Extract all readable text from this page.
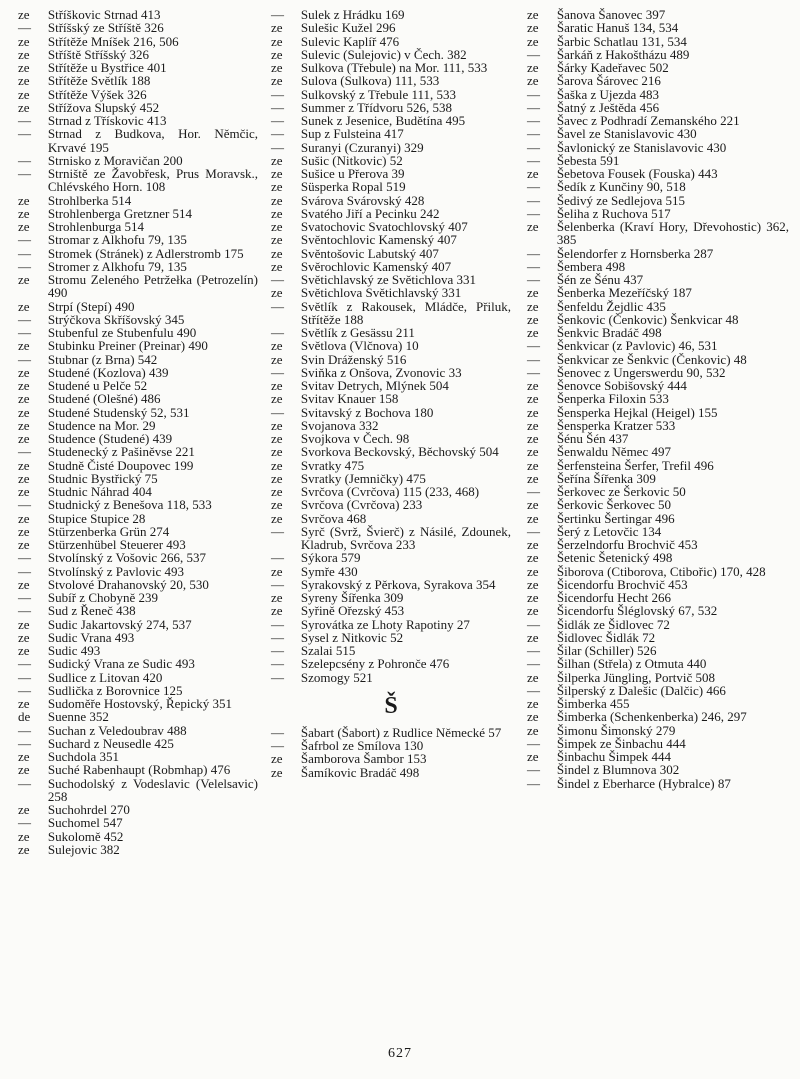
ze Stříškovic Strnad 413
— Stříšský ze Stříště 326
ze Střítěže Mníšek 216, 506
ze Stříště Stříšský 326
ze Střítěže u Bystřice 401
ze Střítěže Světlík 188
ze Střítěže Výšek 326
ze Střížova Slupský 452
— Strnad z Třískovic 413
— Strnad z Budkova, Hor. Němčic, Krvavé 195
— Strnisko z Moravičan 200
— Strniště ze Žavobřesk, Prus Moravsk., Chlévského Horn. 108
ze Strohlberka 514
ze Strohlenberga Gretzner 514
ze Strohlenburga 514
— Stromar z Alkhofu 79, 135
— Stromek (Stránek) z Adlerstromb 175
— Stromer z Alkhofu 79, 135
ze Stromu Zeleného Petržełka (Petrozelín) 490
ze Strpí (Stepí) 490
— Strýčkova Skříšovský 345
— Stubenful ze Stubenfulu 490
ze Stubinku Preiner (Preinar) 490
— Stubnar (z Brna) 542
ze Studené (Kozlova) 439
ze Studené u Pelče 52
ze Studené (Olešné) 486
ze Studené Studenský 52, 531
ze Studence na Mor. 29
ze Studence (Studené) 439
— Studenecký z Pašiněvse 221
ze Studně Čisté Doupovec 199
ze Studnic Bystřický 75
ze Studnic Náhrad 404
— Studnický z Benešova 118, 533
ze Stupice Stupice 28
ze Stürzenberka Grün 274
ze Stürzenhübel Steuerer 493
— Stvolínský z Vošovic 266, 537
— Stvolínský z Pavlovic 493
ze Stvolové Drahanovský 20, 530
— Subíř z Chobyně 239
— Sud z Řeneč 438
ze Sudic Jakartovský 274, 537
ze Sudic Vrana 493
ze Sudic 493
— Sudický Vrana ze Sudic 493
— Sudlice z Litovan 420
— Sudlička z Borovnice 125
ze Sudoměře Hostovský, Řepický 351
de Suenne 352
— Suchan z Veledoubrav 488
— Suchard z Neusedle 425
ze Suchdola 351
ze Suché Rabenhaupt (Robmhap) 476
— Suchodolský z Vodeslavic (Velelsavic) 258
ze Suchohrdel 270
— Suchomel 547
ze Sukolomě 452
ze Sulejovic 382
— Sulek z Hrádku 169
ze Sulešic Kužel 296
ze Sulevic Kaplíř 476
ze Sulevic (Sulejovic) v Čech. 382
ze Sulkova (Třebule) na Mor. 111, 533
ze Sulova (Sulkova) 111, 533
— Sulkovský z Třebule 111, 533
— Summer z Třídvoru 526, 538
— Sunek z Jesenice, Budětína 495
— Sup z Fulsteina 417
— Suranyi (Czuranyi) 329
ze Sušic (Nitkovic) 52
ze Sušice u Přerova 39
ze Süsperka Ropal 519
ze Svárova Svárovský 428
ze Svatého Jiří a Pecinku 242
ze Svatochovic Svatochlovský 407
ze Svěntochlovic Kamenský 407
ze Svěntošovic Labutský 407
ze Svěrochlovic Kamenský 407
— Světichlavský ze Světichlova 331
ze Světichlova Světichlavský 331
— Světlík z Rakousek, Mládče, Přiluk, Střítěže 188
— Světlík z Gesässu 211
ze Světlova (Vlčnova) 10
ze Svin Dráženský 516
— Sviňka z Onšova, Zvonovic 33
ze Svitav Detrych, Mlýnek 504
ze Svitav Knauer 158
— Svitavský z Bochova 180
ze Svojanova 332
ze Svojkova v Čech. 98
ze Svorkova Beckovský, Běchovský 504
ze Svratky 475
ze Svratky (Jemničky) 475
ze Svrčova (Cvrčova) 115 (233, 468)
ze Svrčova (Cvrčova) 233
ze Svrčova 468
— Syrč (Svrž, Švierč) z Násilé, Zdounek, Kladrub, Svrčova 233
— Sýkora 579
ze Symře 430
— Syrakovský z Pěrkova, Syrakova 354
ze Syreny Šířenka 309
ze Syřině Ořezský 453
— Syrovátka ze Lhoty Rapotiny 27
— Sysel z Nitkovic 52
— Szalai 515
— Szelepcsény z Pohronče 476
— Szomogy 521
Š
— Šabart (Šabort) z Rudlice Německé 57
— Šafrbol ze Smílova 130
ze Šamborova Šambor 153
ze Šamíkovic Bradáč 498
ze Šanova Šanovec 397
ze Šaratic Hanuš 134, 534
ze Šarbic Schatlau 131, 534
— Šarkáň z Hakoštházu 489
ze Šárky Kadeřavec 502
ze Šarova Šárovec 216
— Šaška z Ujezda 483
— Šatný z Ještěda 456
— Šavec z Podhradí Zemanského 221
— Šavel ze Stanislavovic 430
— Šavlonický ze Stanislavovic 430
— Šebesta 591
ze Šebetova Fousek (Fouska) 443
— Šedík z Kunčiny 90, 518
— Šedivý ze Sedlejova 515
— Šeliha z Ruchova 517
ze Šelenberka (Kraví Hory, Dřevohostic) 362, 385
— Šelendorfer z Hornsberka 287
— Šembera 498
— Šén ze Šénu 437
ze Šenberka Mezeříčský 187
ze Šenfeldu Žejdlic 435
ze Šenkovic (Čenkovic) Šenkvicar 48
ze Šenkvic Bradáč 498
— Šenkvicar (z Pavlovic) 46, 531
— Šenkvicar ze Šenkvic (Čenkovic) 48
— Šenovec z Ungerswerdu 90, 532
ze Šenovce Sobišovský 444
ze Šenperka Filoxin 533
ze Šensperka Hejkal (Heigel) 155
ze Šensperka Kratzer 533
ze Šénu Šén 437
ze Šenwaldu Němec 497
ze Šerfensteina Šerfer, Trefil 496
ze Šeřína Šířenka 309
— Šerkovec ze Šerkovic 50
ze Šerkovic Šerkovec 50
ze Šertinku Šertingar 496
— Šerý z Letovčic 134
ze Šerzelndorfu Brochvič 453
ze Šetenic Šetenický 498
ze Šiborova (Ctiborova, Ctibořic) 170, 428
ze Šicendorfu Brochvič 453
ze Šicendorfu Hecht 266
ze Šicendorfu Šléglovský 67, 532
— Šidlák ze Šidlovec 72
ze Šidlovec Šidlák 72
— Šilar (Schiller) 526
— Šilhan (Střela) z Otmuta 440
ze Šilperka Jüngling, Portvič 508
— Šilperský z Dalešic (Dalčic) 466
ze Šimberka 455
ze Šimberka (Schenkenberka) 246, 297
ze Šimonu Šimonský 279
— Šimpek ze Šinbachu 444
ze Šinbachu Šimpek 444
— Šindel z Blumnova 302
— Šindel z Eberharce (Hybralce) 87
627
